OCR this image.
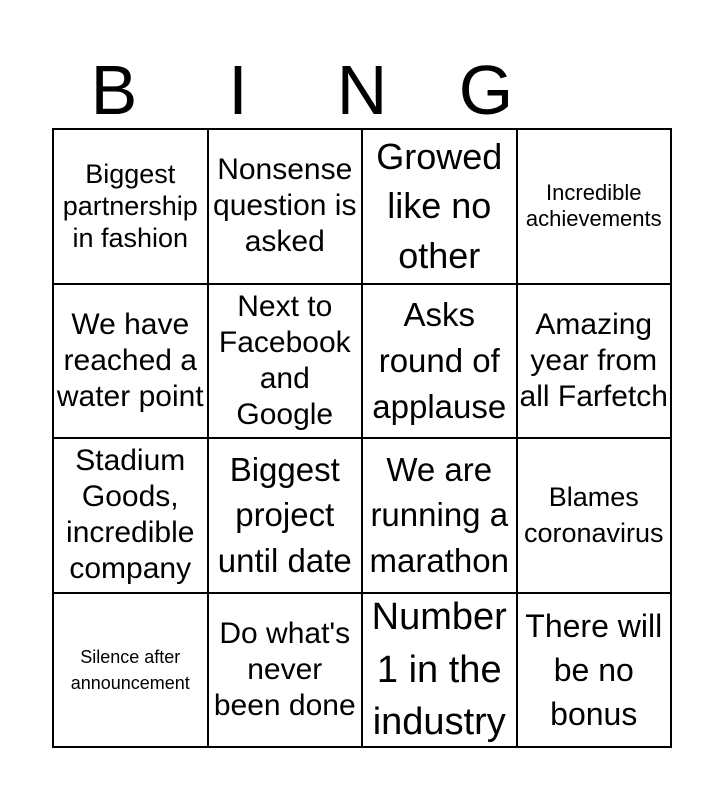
B	I	N	G
Biggest partnership in fashion
Nonsense question is asked
Growed like no other
Incredible achievements
We have reached a water point
Next to Facebook and Google
Asks round of applause
Amazing year from all Farfetch
Stadium Goods, incredible company
Biggest project until date
We are running a marathon
Blames coronavirus
Silence after announcement
Do what's never been done
Number 1 in the industry
There will be no bonus
